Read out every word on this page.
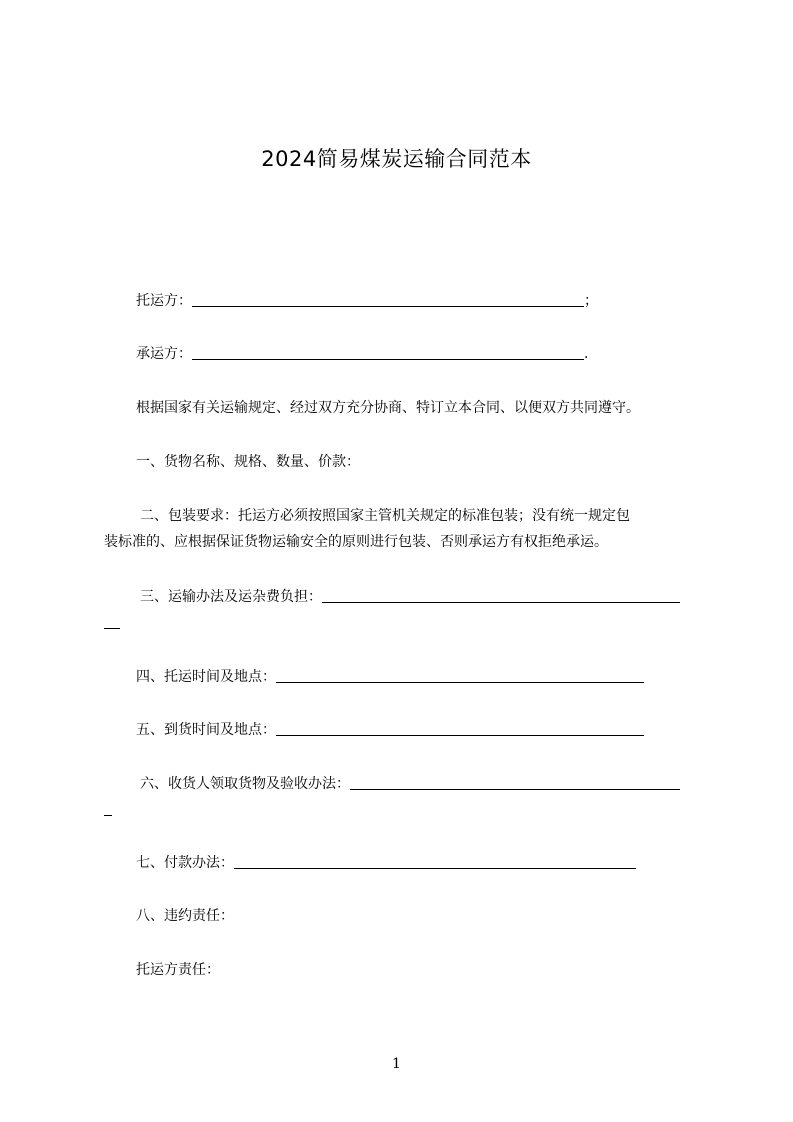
2024简易煤炭运输合同范本
托运方：	；
承运方：	.
根据国家有关运输规定、经过双方充分协商、特订立本合同、以便双方共同遵守。
一、货物名称、规格、数量、价款：
二、包装要求：托运方必须按照国家主管机关规定的标准包装；没有统一规定包
装标准的、应根据保证货物运输安全的原则进行包装、否则承运方有权拒绝承运。
三、运输办法及运杂费负担：
四、托运时间及地点：
五、到货时间及地点：
六、收货人领取货物及验收办法：
七、付款办法：
八、违约责任：
托运方责任：
1
